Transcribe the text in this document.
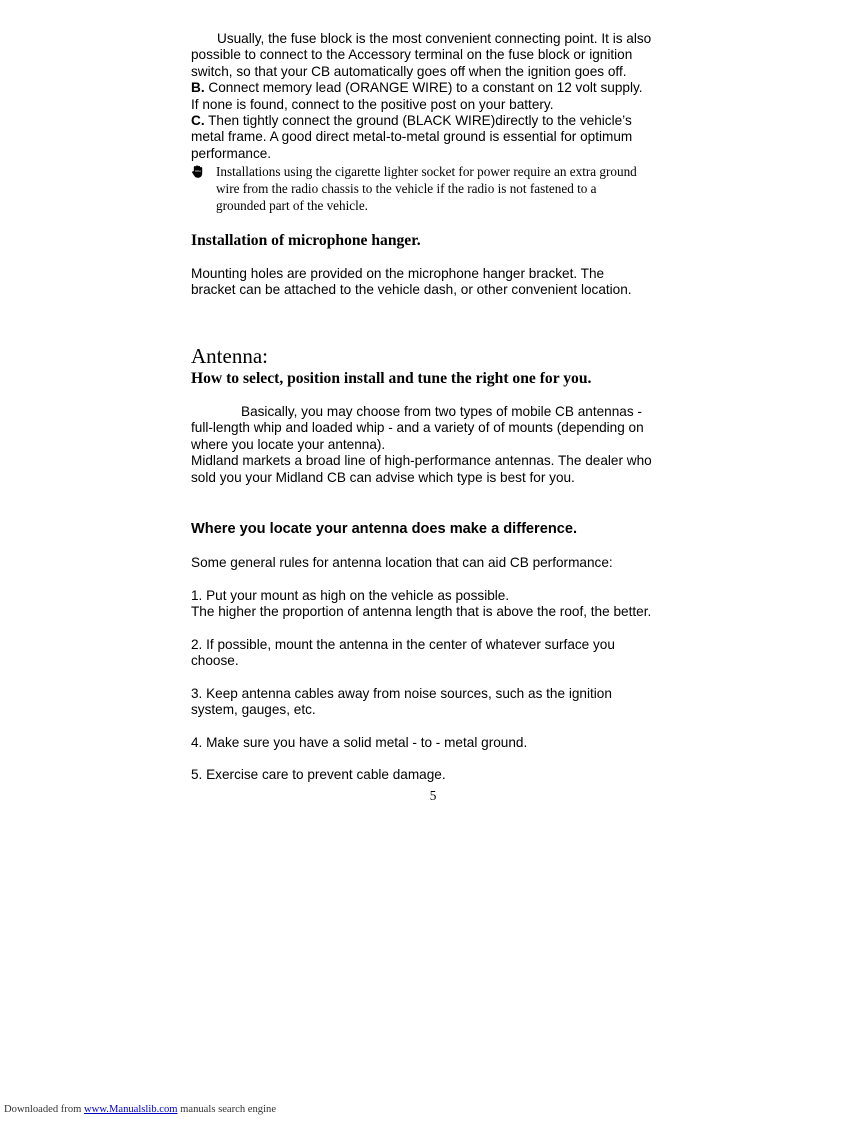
Usually, the fuse block is the most convenient connecting point. It is also
possible to connect to the Accessory terminal on the fuse block or ignition
switch, so that your CB automatically goes off when the ignition goes off.
B. Connect memory lead (ORANGE WIRE) to a constant on 12 volt supply.
If none is found, connect to the positive post on your battery.
C. Then tightly connect the ground (BLACK WIRE)directly to the vehicle’s
metal frame. A good direct metal-to-metal ground is essential for optimum
performance.
Installations using the cigarette lighter socket for power require an extra ground
wire from the radio chassis to the vehicle if the radio is not fastened to a
grounded part of the vehicle.
Installation of microphone hanger.
Mounting holes are provided on the microphone hanger bracket. The
bracket can be attached to the vehicle dash, or other convenient location.
Antenna:
How to select, position install and tune the right one for you.
Basically, you may choose from two types of mobile CB antennas -
full-length whip and loaded whip - and a variety of of mounts (depending on
where you locate your antenna).
Midland markets a broad line of high-performance antennas. The dealer who
sold you your Midland CB can advise which type is best for you.
Where you locate your antenna does make a difference.
Some general rules for antenna location that can aid CB performance:
1. Put your mount as high on the vehicle as possible.
The higher the proportion of antenna length that is above the roof, the better.
2. If possible, mount the antenna in the center of whatever surface you
choose.
3. Keep antenna cables away from noise sources, such as the ignition
system, gauges, etc.
4. Make sure you have a solid metal - to - metal ground.
5. Exercise care to prevent cable damage.
5
Downloaded from www.Manualslib.com manuals search engine
